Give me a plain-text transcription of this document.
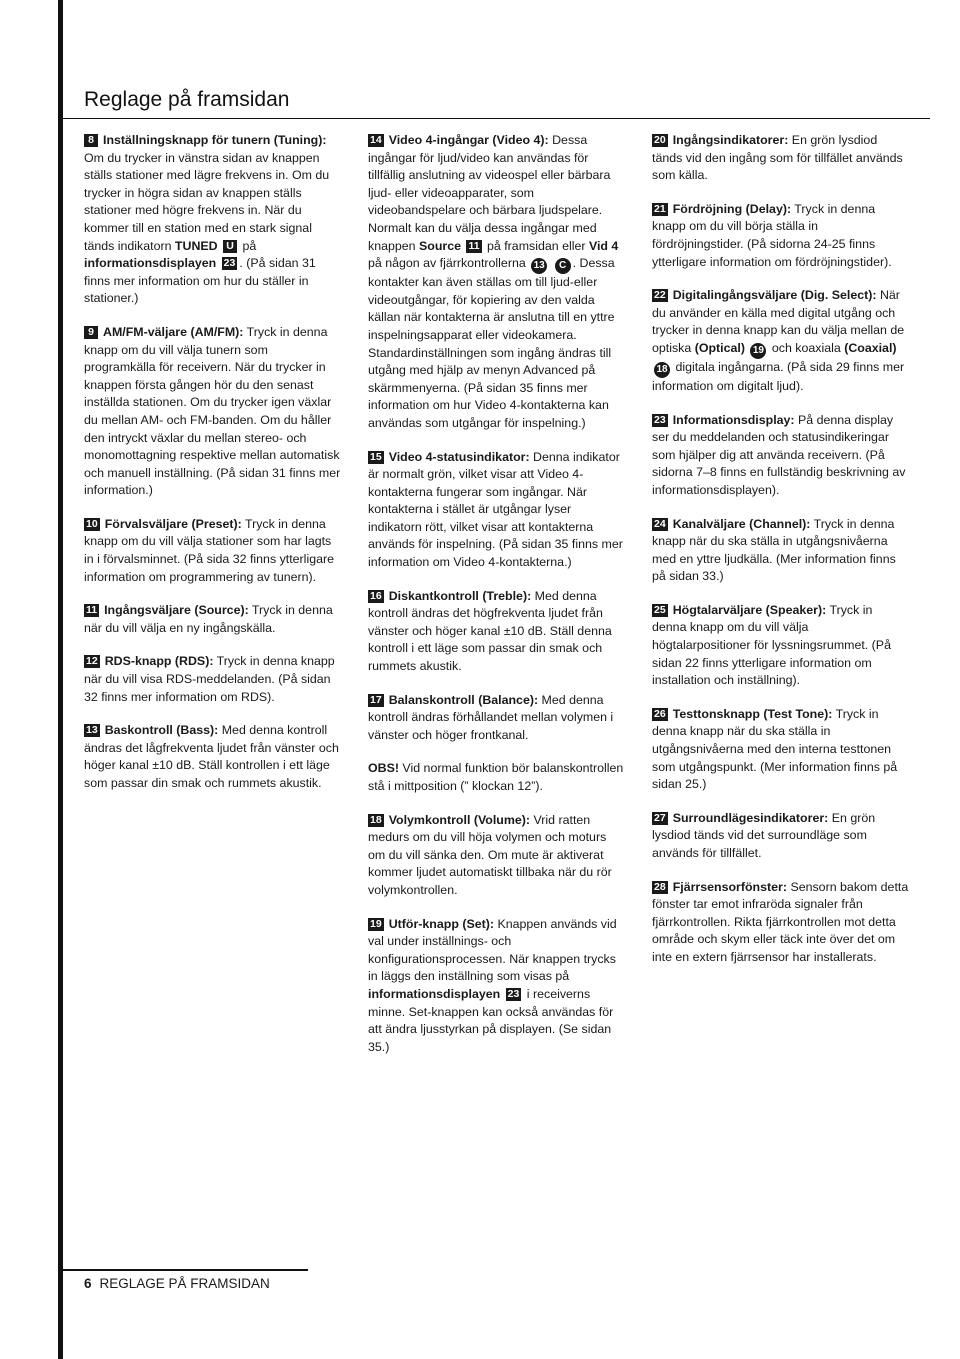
Reglage på framsidan

8 Inställningsknapp för tunern (Tuning): Om du trycker in vänstra sidan av knappen ställs stationer med lägre frekvens in. Om du trycker in högra sidan av knappen ställs stationer med högre frekvens in. När du kommer till en station med en stark signal tänds indikatorn TUNED U på informationsdisplayen 23 . (På sidan 31 finns mer information om hur du ställer in stationer.)

9 AM/FM-väljare (AM/FM): Tryck in denna knapp om du vill välja tunern som programkälla för receivern. När du trycker in knappen första gången hör du den senast inställda stationen. Om du trycker igen växlar du mellan AM- och FM-banden. Om du håller den intryckt växlar du mellan stereo- och monomottagning respektive mellan automatisk och manuell inställning. (På sidan 31 finns mer information.)

10 Förvalsväljare (Preset): Tryck in denna knapp om du vill välja stationer som har lagts in i förvalsminnet. (På sida 32 finns ytterligare information om programmering av tunern).

11 Ingångsväljare (Source): Tryck in denna när du vill välja en ny ingångskälla.

12 RDS-knapp (RDS): Tryck in denna knapp när du vill visa RDS-meddelanden. (På sidan 32 finns mer information om RDS).

13 Baskontroll (Bass): Med denna kontroll ändras det lågfrekventa ljudet från vänster och höger kanal ±10 dB. Ställ kontrollen i ett läge som passar din smak och rummets akustik.

14 Video 4-ingångar (Video 4): Dessa ingångar för ljud/video kan användas för tillfällig anslutning av videospel eller bärbara ljud- eller videoapparater, som videobandspelare och bärbara ljudspelare. Normalt kan du välja dessa ingångar med knappen Source 11 på framsidan eller Vid 4 på någon av fjärrkontrollerna 13 C . Dessa kontakter kan även ställas om till ljud-eller videoutgångar, för kopiering av den valda källan när kontakterna är anslutna till en yttre inspelningsapparat eller videokamera. Standardinställningen som ingång ändras till utgång med hjälp av menyn Advanced på skärmmenyerna. (På sidan 35 finns mer information om hur Video 4-kontakterna kan användas som utgångar för inspelning.)

15 Video 4-statusindikator: Denna indikator är normalt grön, vilket visar att Video 4-kontakterna fungerar som ingångar. När kontakterna i stället är utgångar lyser indikatorn rött, vilket visar att kontakterna används för inspelning. (På sidan 35 finns mer information om Video 4-kontakterna.)

16 Diskantkontroll (Treble): Med denna kontroll ändras det högfrekventa ljudet från vänster och höger kanal ±10 dB. Ställ denna kontroll i ett läge som passar din smak och rummets akustik.

17 Balanskontroll (Balance): Med denna kontroll ändras förhållandet mellan volymen i vänster och höger frontkanal.

OBS! Vid normal funktion bör balanskontrollen stå i mittposition (” klockan 12”).

18 Volymkontroll (Volume): Vrid ratten medurs om du vill höja volymen och moturs om du vill sänka den. Om mute är aktiverat kommer ljudet automatiskt tillbaka när du rör volymkontrollen.

19 Utför-knapp (Set): Knappen används vid val under inställnings- och konfigurationsprocessen. När knappen trycks in läggs den inställning som visas på informationsdisplayen 23 i receiverns minne. Set-knappen kan också användas för att ändra ljusstyrkan på displayen. (Se sidan 35.)

20 Ingångsindikatorer: En grön lysdiod tänds vid den ingång som för tillfället används som källa.

21 Fördröjning (Delay): Tryck in denna knapp om du vill börja ställa in fördröjningstider. (På sidorna 24-25 finns ytterligare information om fördröjningstider).

22 Digitalingångsväljare (Dig. Select): När du använder en källa med digital utgång och trycker in denna knapp kan du välja mellan de optiska (Optical) 19 och koaxiala (Coaxial) 18 digitala ingångarna. (På sida 29 finns mer information om digitalt ljud).

23 Informationsdisplay: På denna display ser du meddelanden och statusindikeringar som hjälper dig att använda receivern. (På sidorna 7–8 finns en fullständig beskrivning av informationsdisplayen).

24 Kanalväljare (Channel): Tryck in denna knapp när du ska ställa in utgångsnivåerna med en yttre ljudkälla. (Mer information finns på sidan 33.)

25 Högtalarväljare (Speaker): Tryck in denna knapp om du vill välja högtalarpositioner för lyssningsrummet. (På sidan 22 finns ytterligare information om installation och inställning).

26 Testtonsknapp (Test Tone): Tryck in denna knapp när du ska ställa in utgångsnivåerna med den interna testtonen som utgångspunkt. (Mer information finns på sidan 25.)

27 Surroundlägesindikatorer: En grön lysdiod tänds vid det surroundläge som används för tillfället.

28 Fjärrsensorfönster: Sensorn bakom detta fönster tar emot infraröda signaler från fjärrkontrollen. Rikta fjärrkontrollen mot detta område och skym eller täck inte över det om inte en extern fjärrsensor har installerats.

6 REGLAGE PÅ FRAMSIDAN
